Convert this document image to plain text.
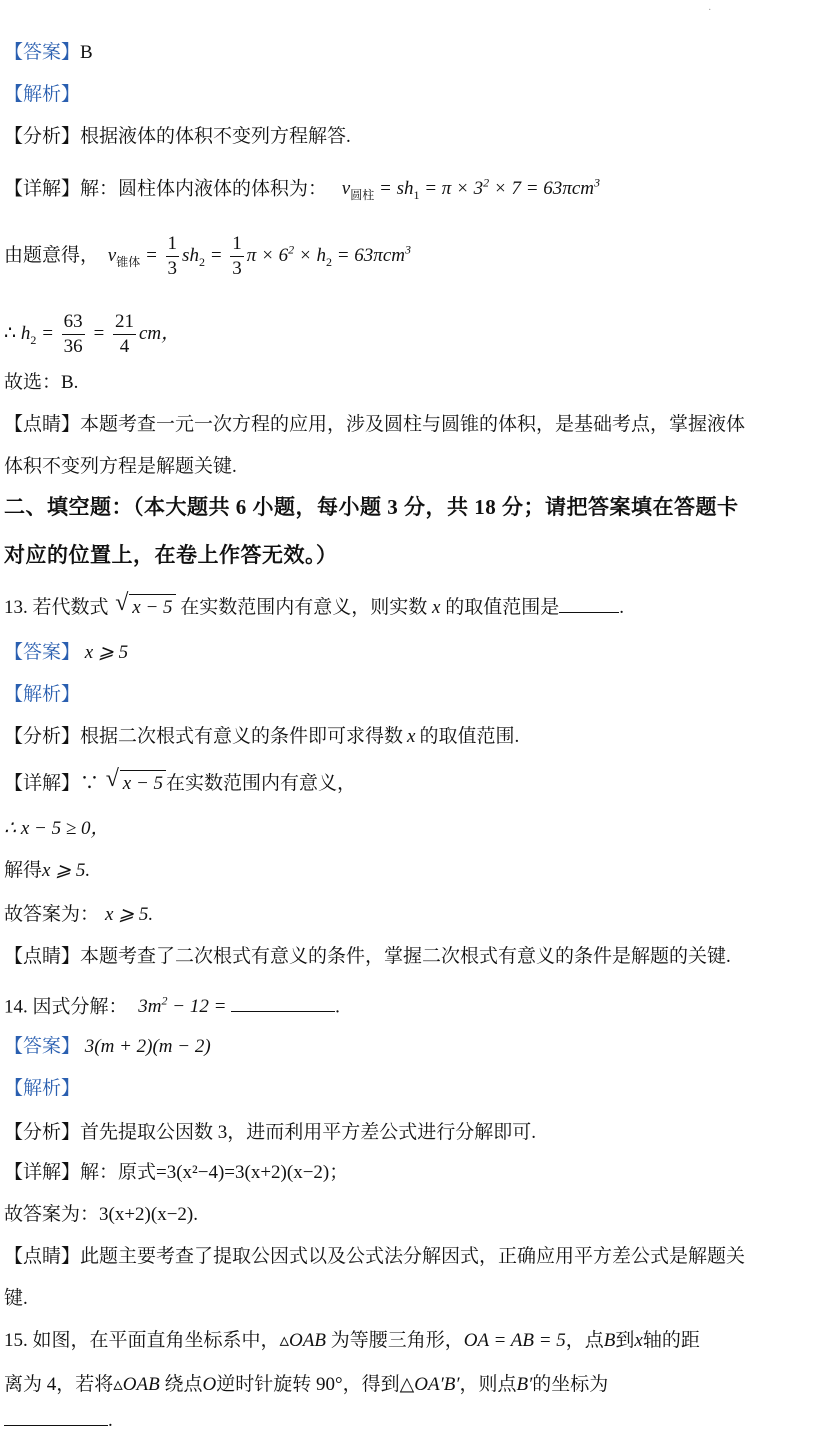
.
【答案】B
【解析】
【分析】根据液体的体积不变列方程解答.
【详解】解：圆柱体内液体的体积为： $v_{圆柱} = sh_1 = \pi \times 3^2 \times 7 = 63\pi cm^3$
由题意得， $v_{锥体} = \frac{1}{3} sh_2 = \frac{1}{3}$ $\pi \times 6^2 \times h_2 = 63\pi cm^3$
∴ $h_2 = \frac{63}{36} = \frac{21}{4}$ cm，
故选：B.
【点睛】本题考查一元一次方程的应用，涉及圆柱与圆锥的体积，是基础考点，掌握液体
体积不变列方程是解题关键.
二、填空题：（本大题共 6 小题，每小题 3 分，共 18 分；请把答案填在答题卡
对应的位置上，在卷上作答无效。）
13. 若代数式 √ x − 5 在实数范围内有意义，则实数 x 的取值范围是	.
【答案】 x ⩾ 5
【解析】
【分析】根据二次根式有意义的条件即可求得数 x 的取值范围.
【详解】∵ √ x − 5 在实数范围内有意义，
∴ x − 5 ≥ 0，
解得x ⩾ 5.
故答案为： x ⩾ 5.
【点睛】本题考查了二次根式有意义的条件，掌握二次根式有意义的条件是解题的关键.
14. 因式分解： $3m^2 - 12$ =	.
【答案】 3(m + 2)(m − 2)
【解析】
【分析】首先提取公因数 3，进而利用平方差公式进行分解即可.
【详解】解：原式=3(x²−4)=3(x+2)(x−2)；
故答案为：3(x+2)(x−2).
【点睛】此题主要考查了提取公因式以及公式法分解因式，正确应用平方差公式是解题关
键.
15. 如图，在平面直角坐标系中，▵OAB 为等腰三角形，OA = AB = 5，点B到x轴的距
离为 4，若将▵OAB 绕点O逆时针旋转 90°，得到△OA′B′，则点B′的坐标为
.
